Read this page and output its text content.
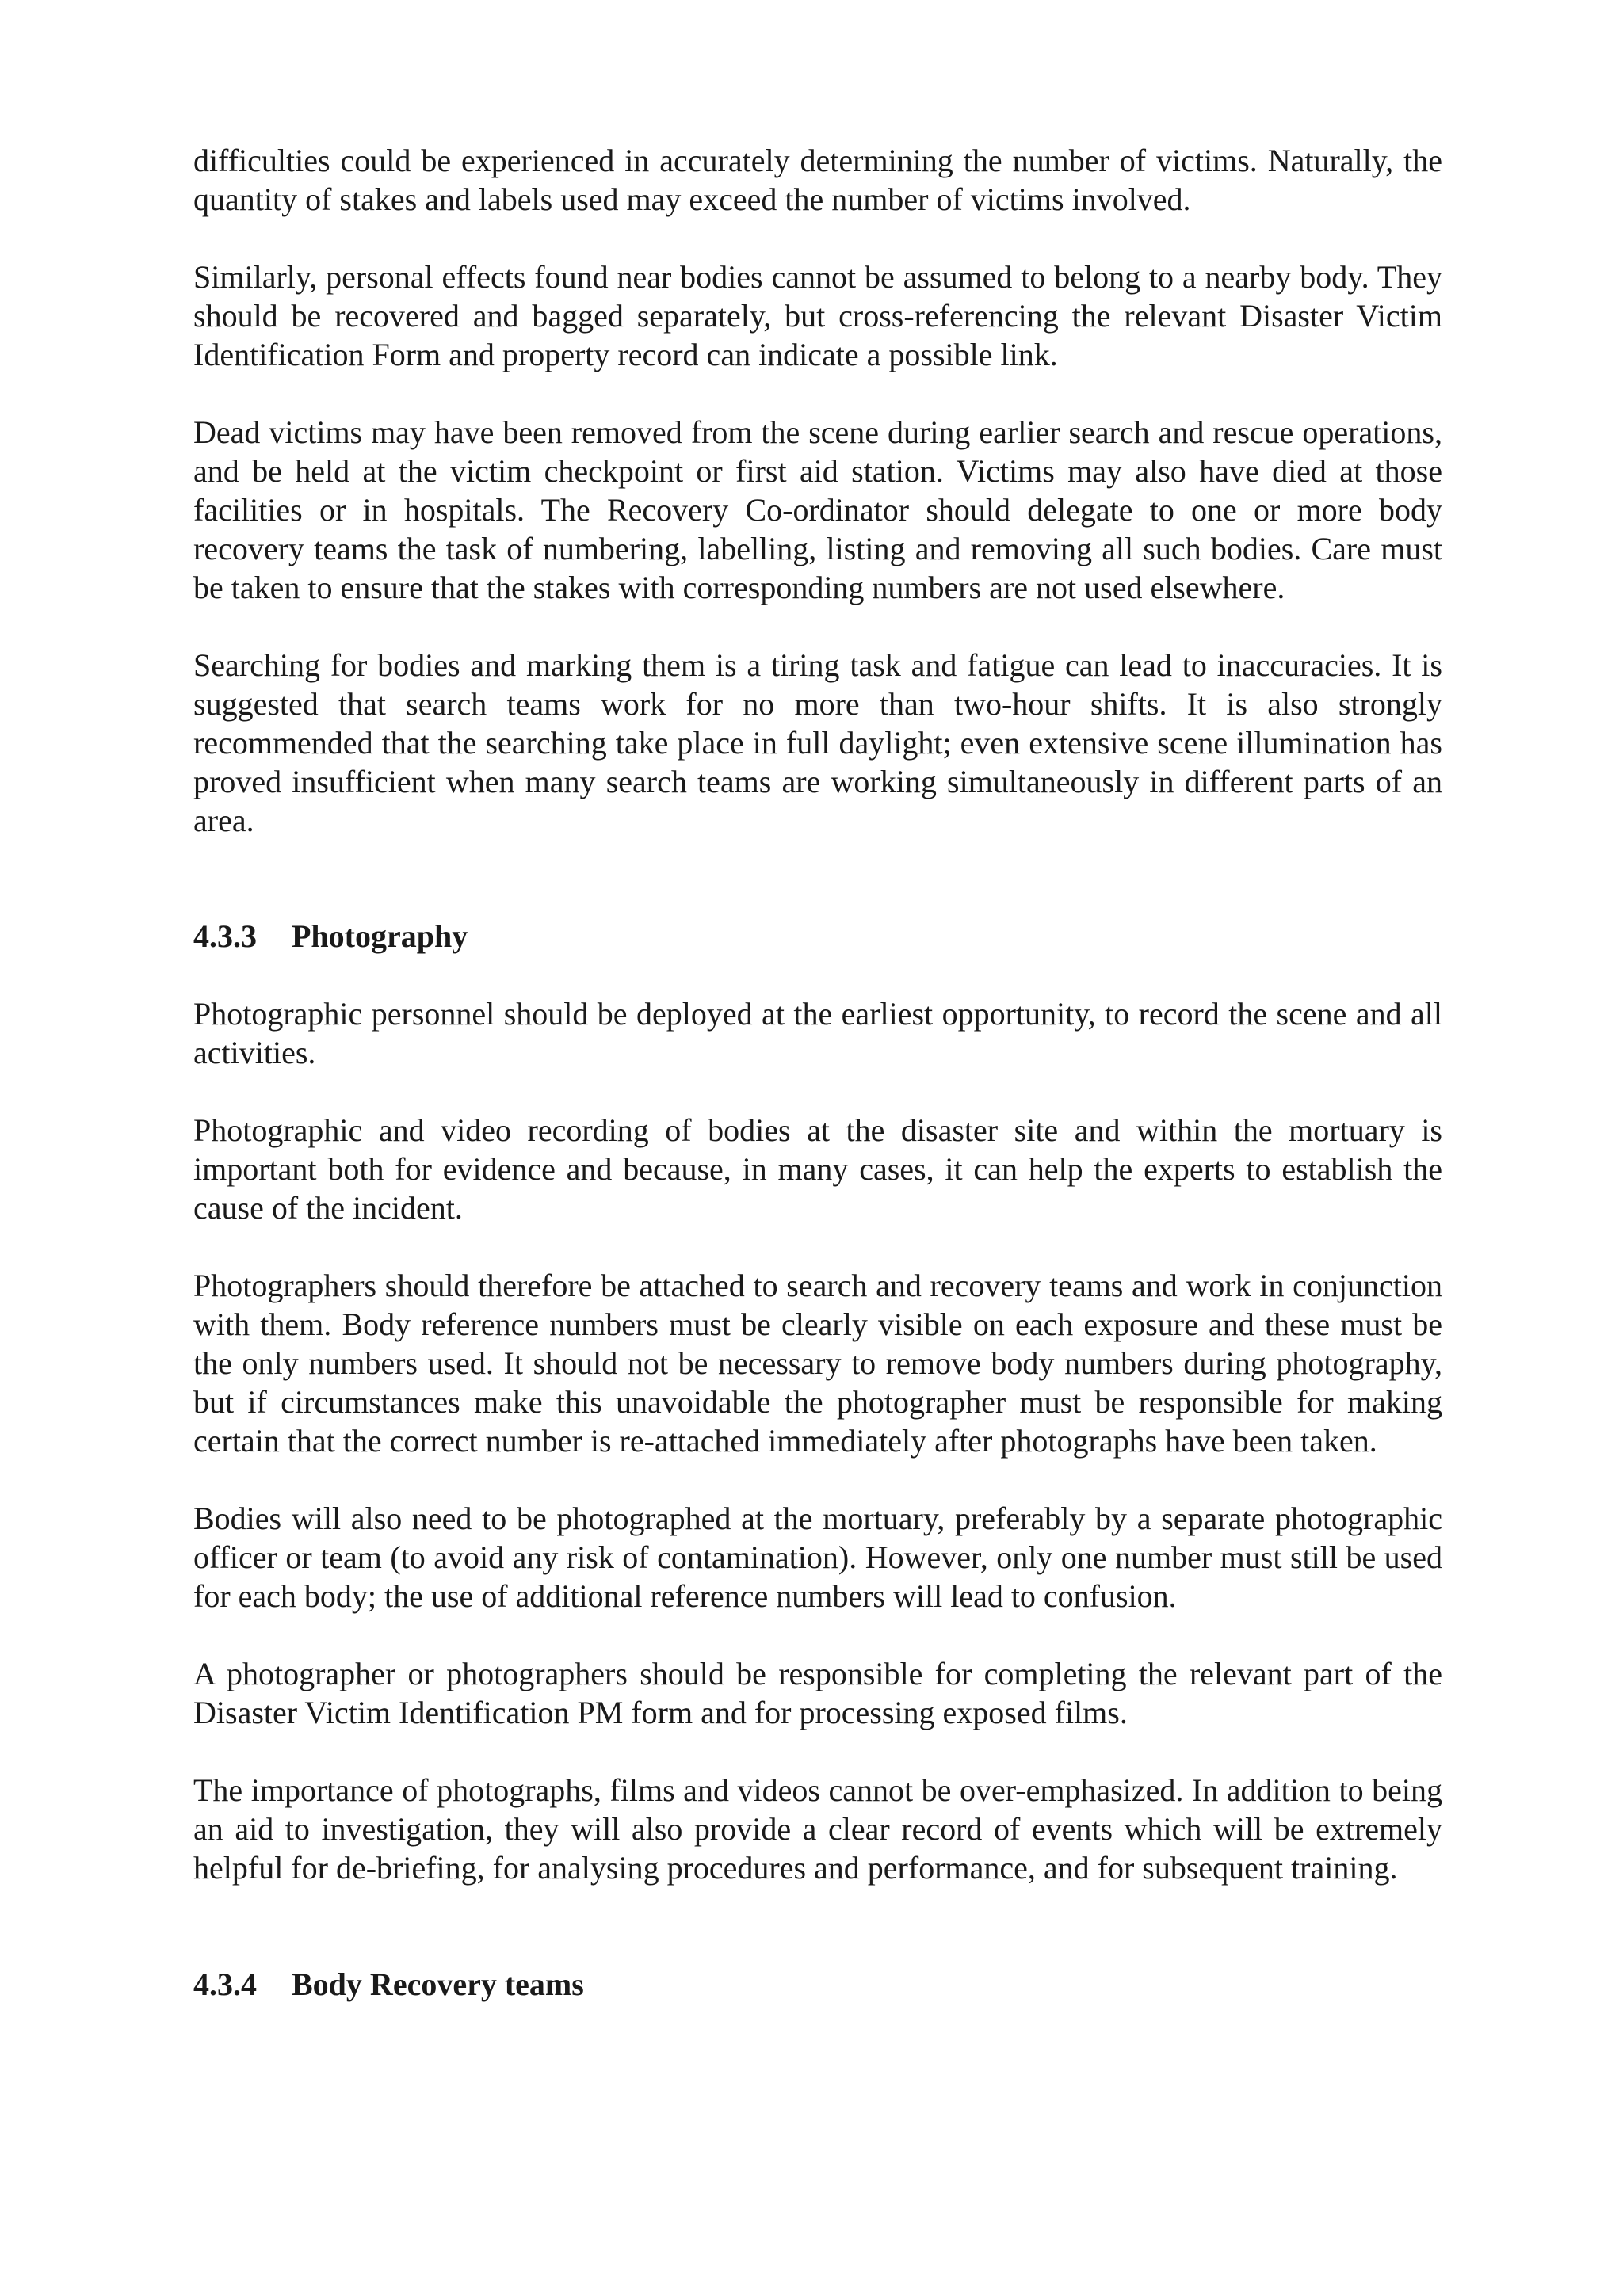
difficulties could be experienced in accurately determining the number of victims. Naturally, the quantity of stakes and labels used may exceed the number of victims involved.

Similarly, personal effects found near bodies cannot be assumed to belong to a nearby body. They should be recovered and bagged separately, but cross-referencing the relevant Disaster Victim Identification Form and property record can indicate a possible link.

Dead victims may have been removed from the scene during earlier search and rescue operations, and be held at the victim checkpoint or first aid station. Victims may also have died at those facilities or in hospitals. The Recovery Co-ordinator should delegate to one or more body recovery teams the task of numbering, labelling, listing and removing all such bodies. Care must be taken to ensure that the stakes with corresponding numbers are not used elsewhere.

Searching for bodies and marking them is a tiring task and fatigue can lead to inaccuracies. It is suggested that search teams work for no more than two-hour shifts. It is also strongly recommended that the searching take place in full daylight; even extensive scene illumination has proved insufficient when many search teams are working simultaneously in different parts of an area.

4.3.3	Photography

Photographic personnel should be deployed at the earliest opportunity, to record the scene and all activities.

Photographic and video recording of bodies at the disaster site and within the mortuary is important both for evidence and because, in many cases, it can help the experts to establish the cause of the incident.

Photographers should therefore be attached to search and recovery teams and work in conjunction with them. Body reference numbers must be clearly visible on each exposure and these must be the only numbers used. It should not be necessary to remove body numbers during photography, but if circumstances make this unavoidable the photographer must be responsible for making certain that the correct number is re-attached immediately after photographs have been taken.

Bodies will also need to be photographed at the mortuary, preferably by a separate photographic officer or team (to avoid any risk of contamination). However, only one number must still be used for each body; the use of additional reference numbers will lead to confusion.

A photographer or photographers should be responsible for completing the relevant part of the Disaster Victim Identification PM form and for processing exposed films.

The importance of photographs, films and videos cannot be over-emphasized. In addition to being an aid to investigation, they will also provide a clear record of events which will be extremely helpful for de-briefing, for analysing procedures and performance, and for subsequent training.

4.3.4	Body Recovery teams
